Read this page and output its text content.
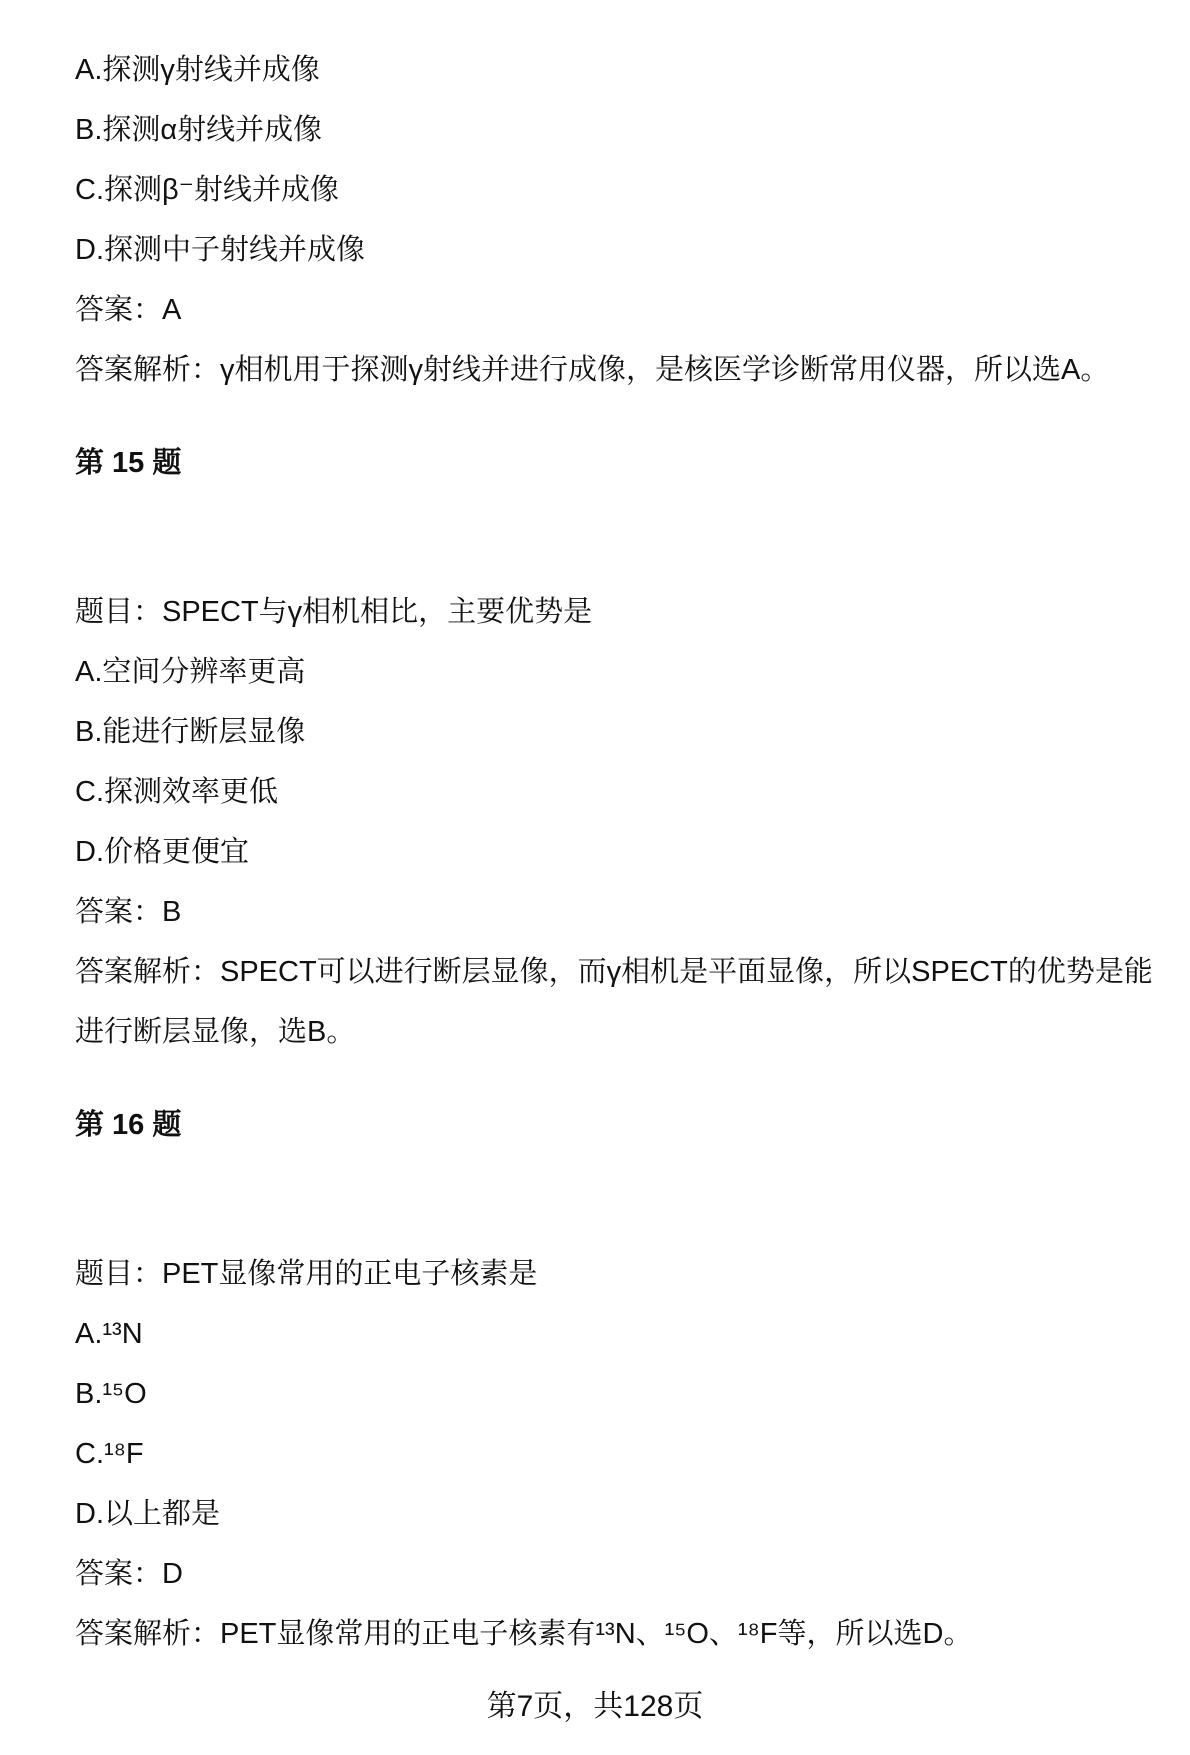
A.探测γ射线并成像
B.探测α射线并成像
C.探测β⁻射线并成像
D.探测中子射线并成像
答案：A
答案解析：γ相机用于探测γ射线并进行成像，是核医学诊断常用仪器，所以选A。
第 15 题
题目：SPECT与γ相机相比，主要优势是
A.空间分辨率更高
B.能进行断层显像
C.探测效率更低
D.价格更便宜
答案：B
答案解析：SPECT可以进行断层显像，而γ相机是平面显像，所以SPECT的优势是能进行断层显像，选B。
第 16 题
题目：PET显像常用的正电子核素是
A.¹³N
B.¹⁵O
C.¹⁸F
D.以上都是
答案：D
答案解析：PET显像常用的正电子核素有¹³N、¹⁵O、¹⁸F等，所以选D。
第7页，共128页
